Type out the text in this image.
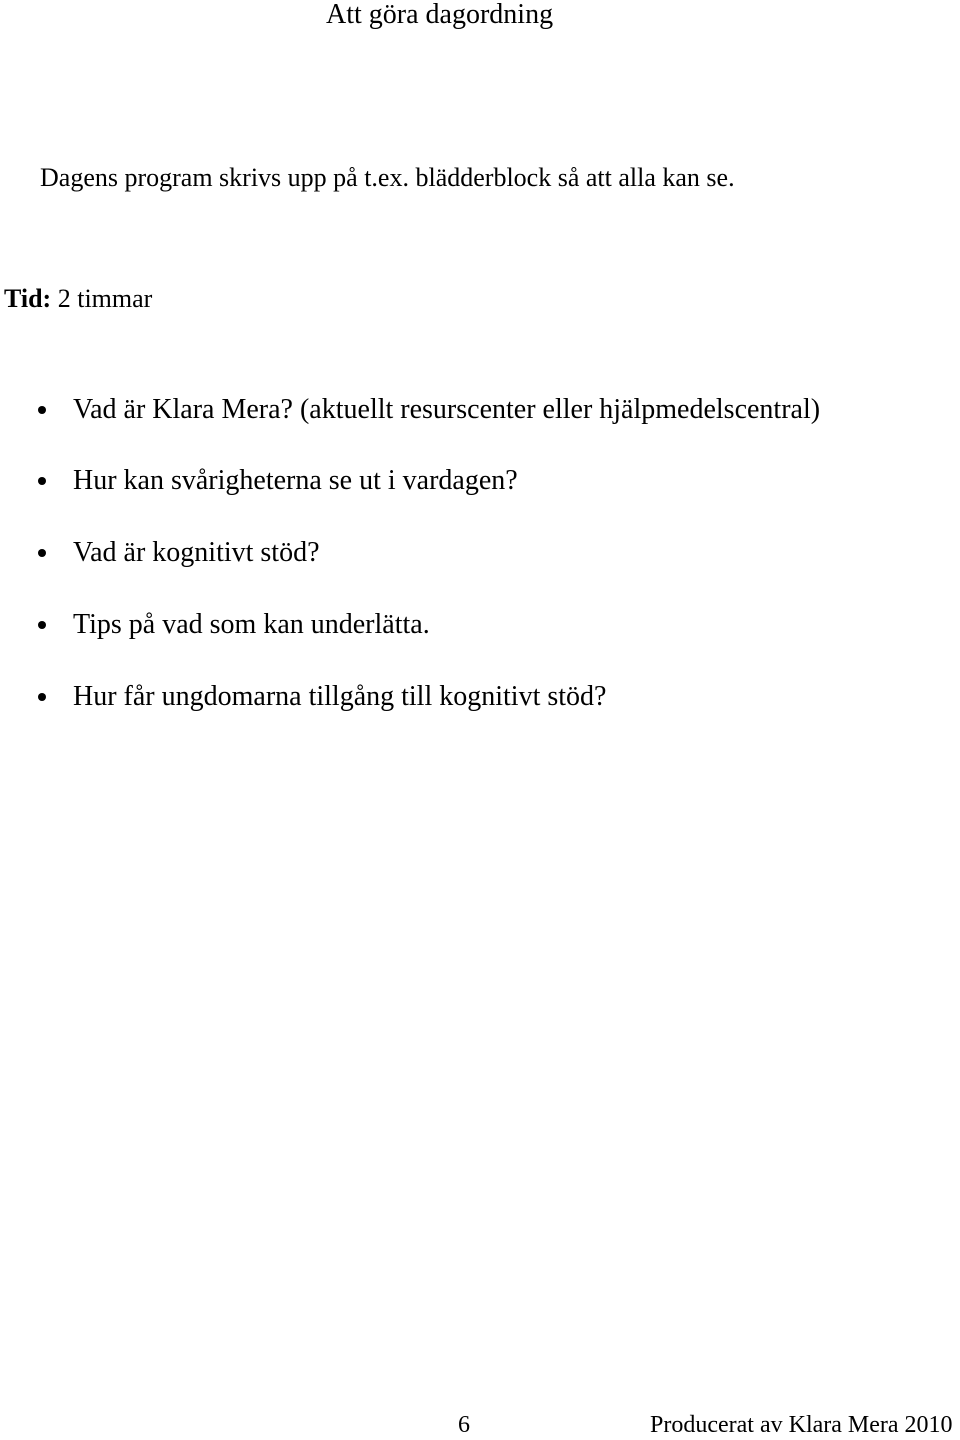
Att göra dagordning
Dagens program skrivs upp på t.ex. blädderblock så att alla kan se.
Tid: 2 timmar
Vad är Klara Mera? (aktuellt resurscenter eller hjälpmedelscentral)
Hur kan svårigheterna se ut i vardagen?
Vad är kognitivt stöd?
Tips på vad som kan underlätta.
Hur får ungdomarna tillgång till kognitivt stöd?
6	Producerat av Klara Mera 2010
